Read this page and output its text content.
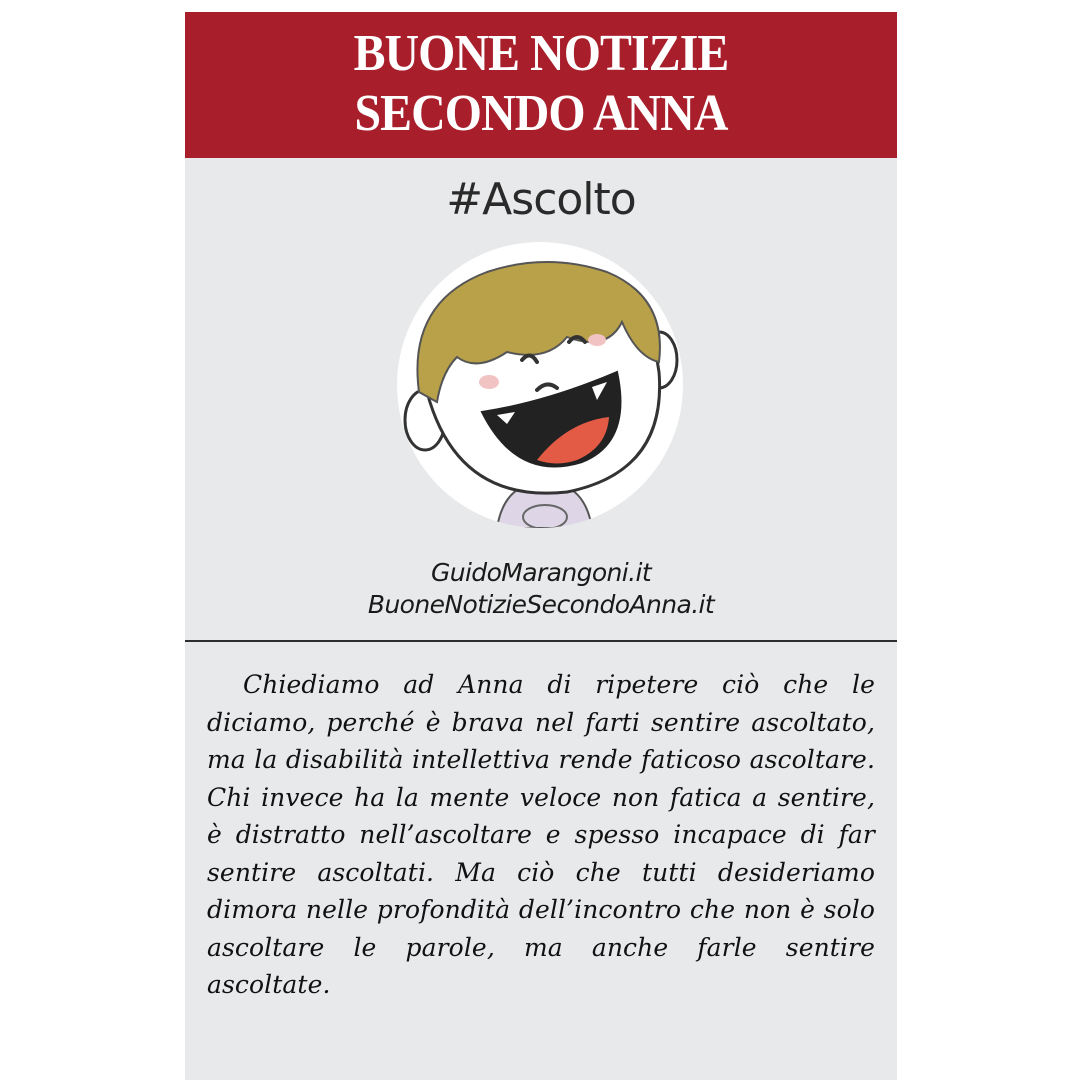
BUONE NOTIZIE
SECONDO ANNA
#Ascolto
GuidoMarangoni.it
BuoneNotizieSecondoAnna.it

Chiediamo ad Anna di ripetere ciò che le diciamo, perché è brava nel farti sentire ascoltato, ma la disabilità intellettiva rende faticoso ascoltare. Chi invece ha la mente veloce non fatica a sentire, è distratto nell’ascoltare e spesso incapace di far sentire ascoltati. Ma ciò che tutti desideriamo dimora nelle profondità dell’incontro che non è solo ascoltare le parole, ma anche farle sentire ascoltate.
